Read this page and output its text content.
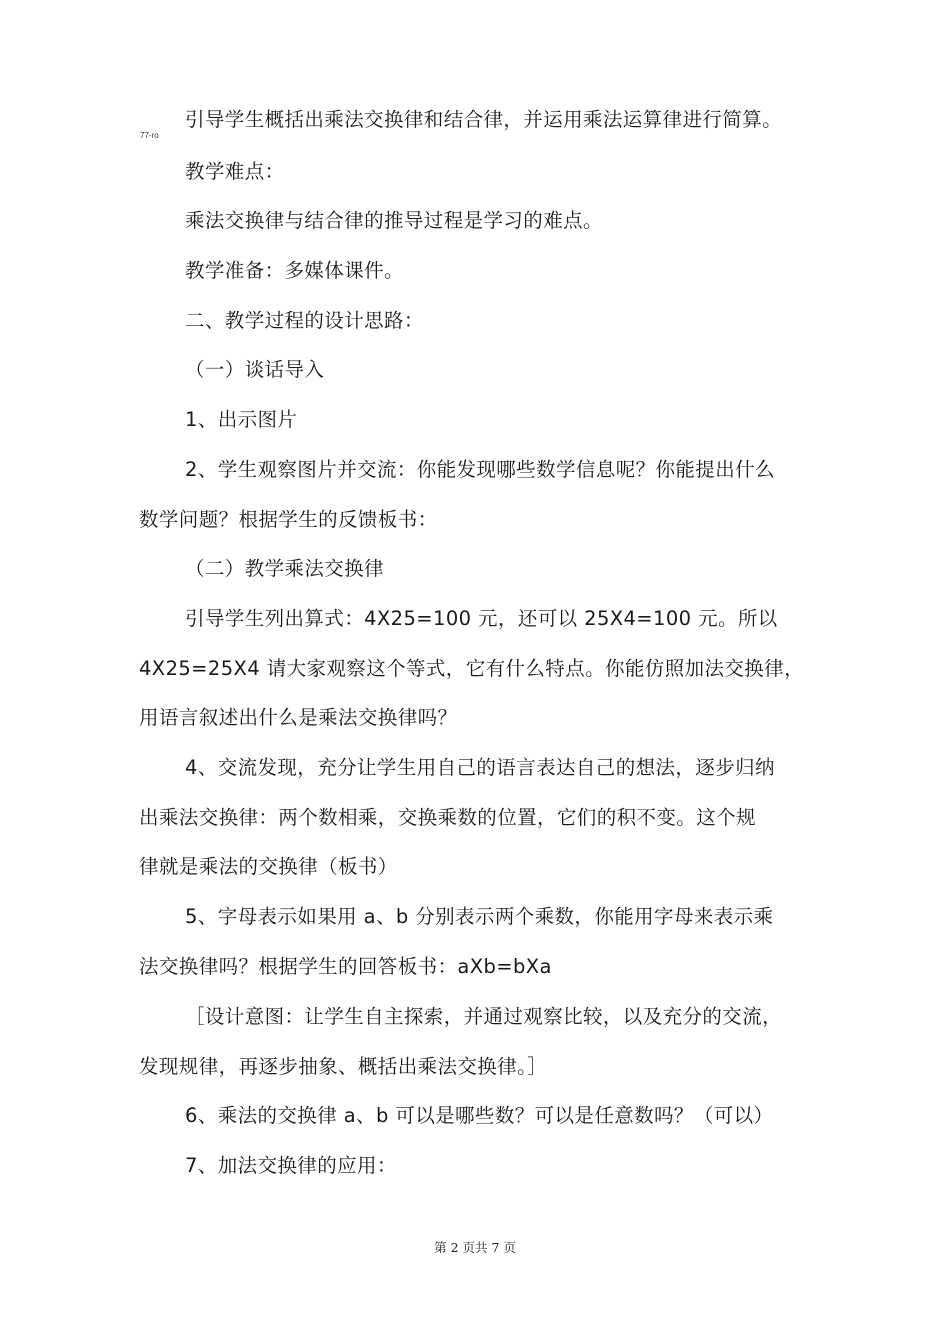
77-ro
引导学生概括出乘法交换律和结合律，并运用乘法运算律进行简算。
教学难点：
乘法交换律与结合律的推导过程是学习的难点。
教学准备：多媒体课件。
二、教学过程的设计思路：
（一）谈话导入
1、出示图片
2、学生观察图片并交流：你能发现哪些数学信息呢？你能提出什么
数学问题？根据学生的反馈板书：
（二）教学乘法交换律
引导学生列出算式：4X25=100 元，还可以 25X4=100 元。所以
4X25=25X4 请大家观察这个等式，它有什么特点。你能仿照加法交换律，
用语言叙述出什么是乘法交换律吗？
4、交流发现，充分让学生用自己的语言表达自己的想法，逐步归纳
出乘法交换律：两个数相乘，交换乘数的位置，它们的积不变。这个规
律就是乘法的交换律（板书）
5、字母表示如果用 a、b 分别表示两个乘数，你能用字母来表示乘
法交换律吗？根据学生的回答板书：aXb=bXa
［设计意图：让学生自主探索，并通过观察比较，以及充分的交流，
发现规律，再逐步抽象、概括出乘法交换律。］
6、乘法的交换律 a、b 可以是哪些数？可以是任意数吗？（可以）
7、加法交换律的应用：
第 2 页共 7 页
